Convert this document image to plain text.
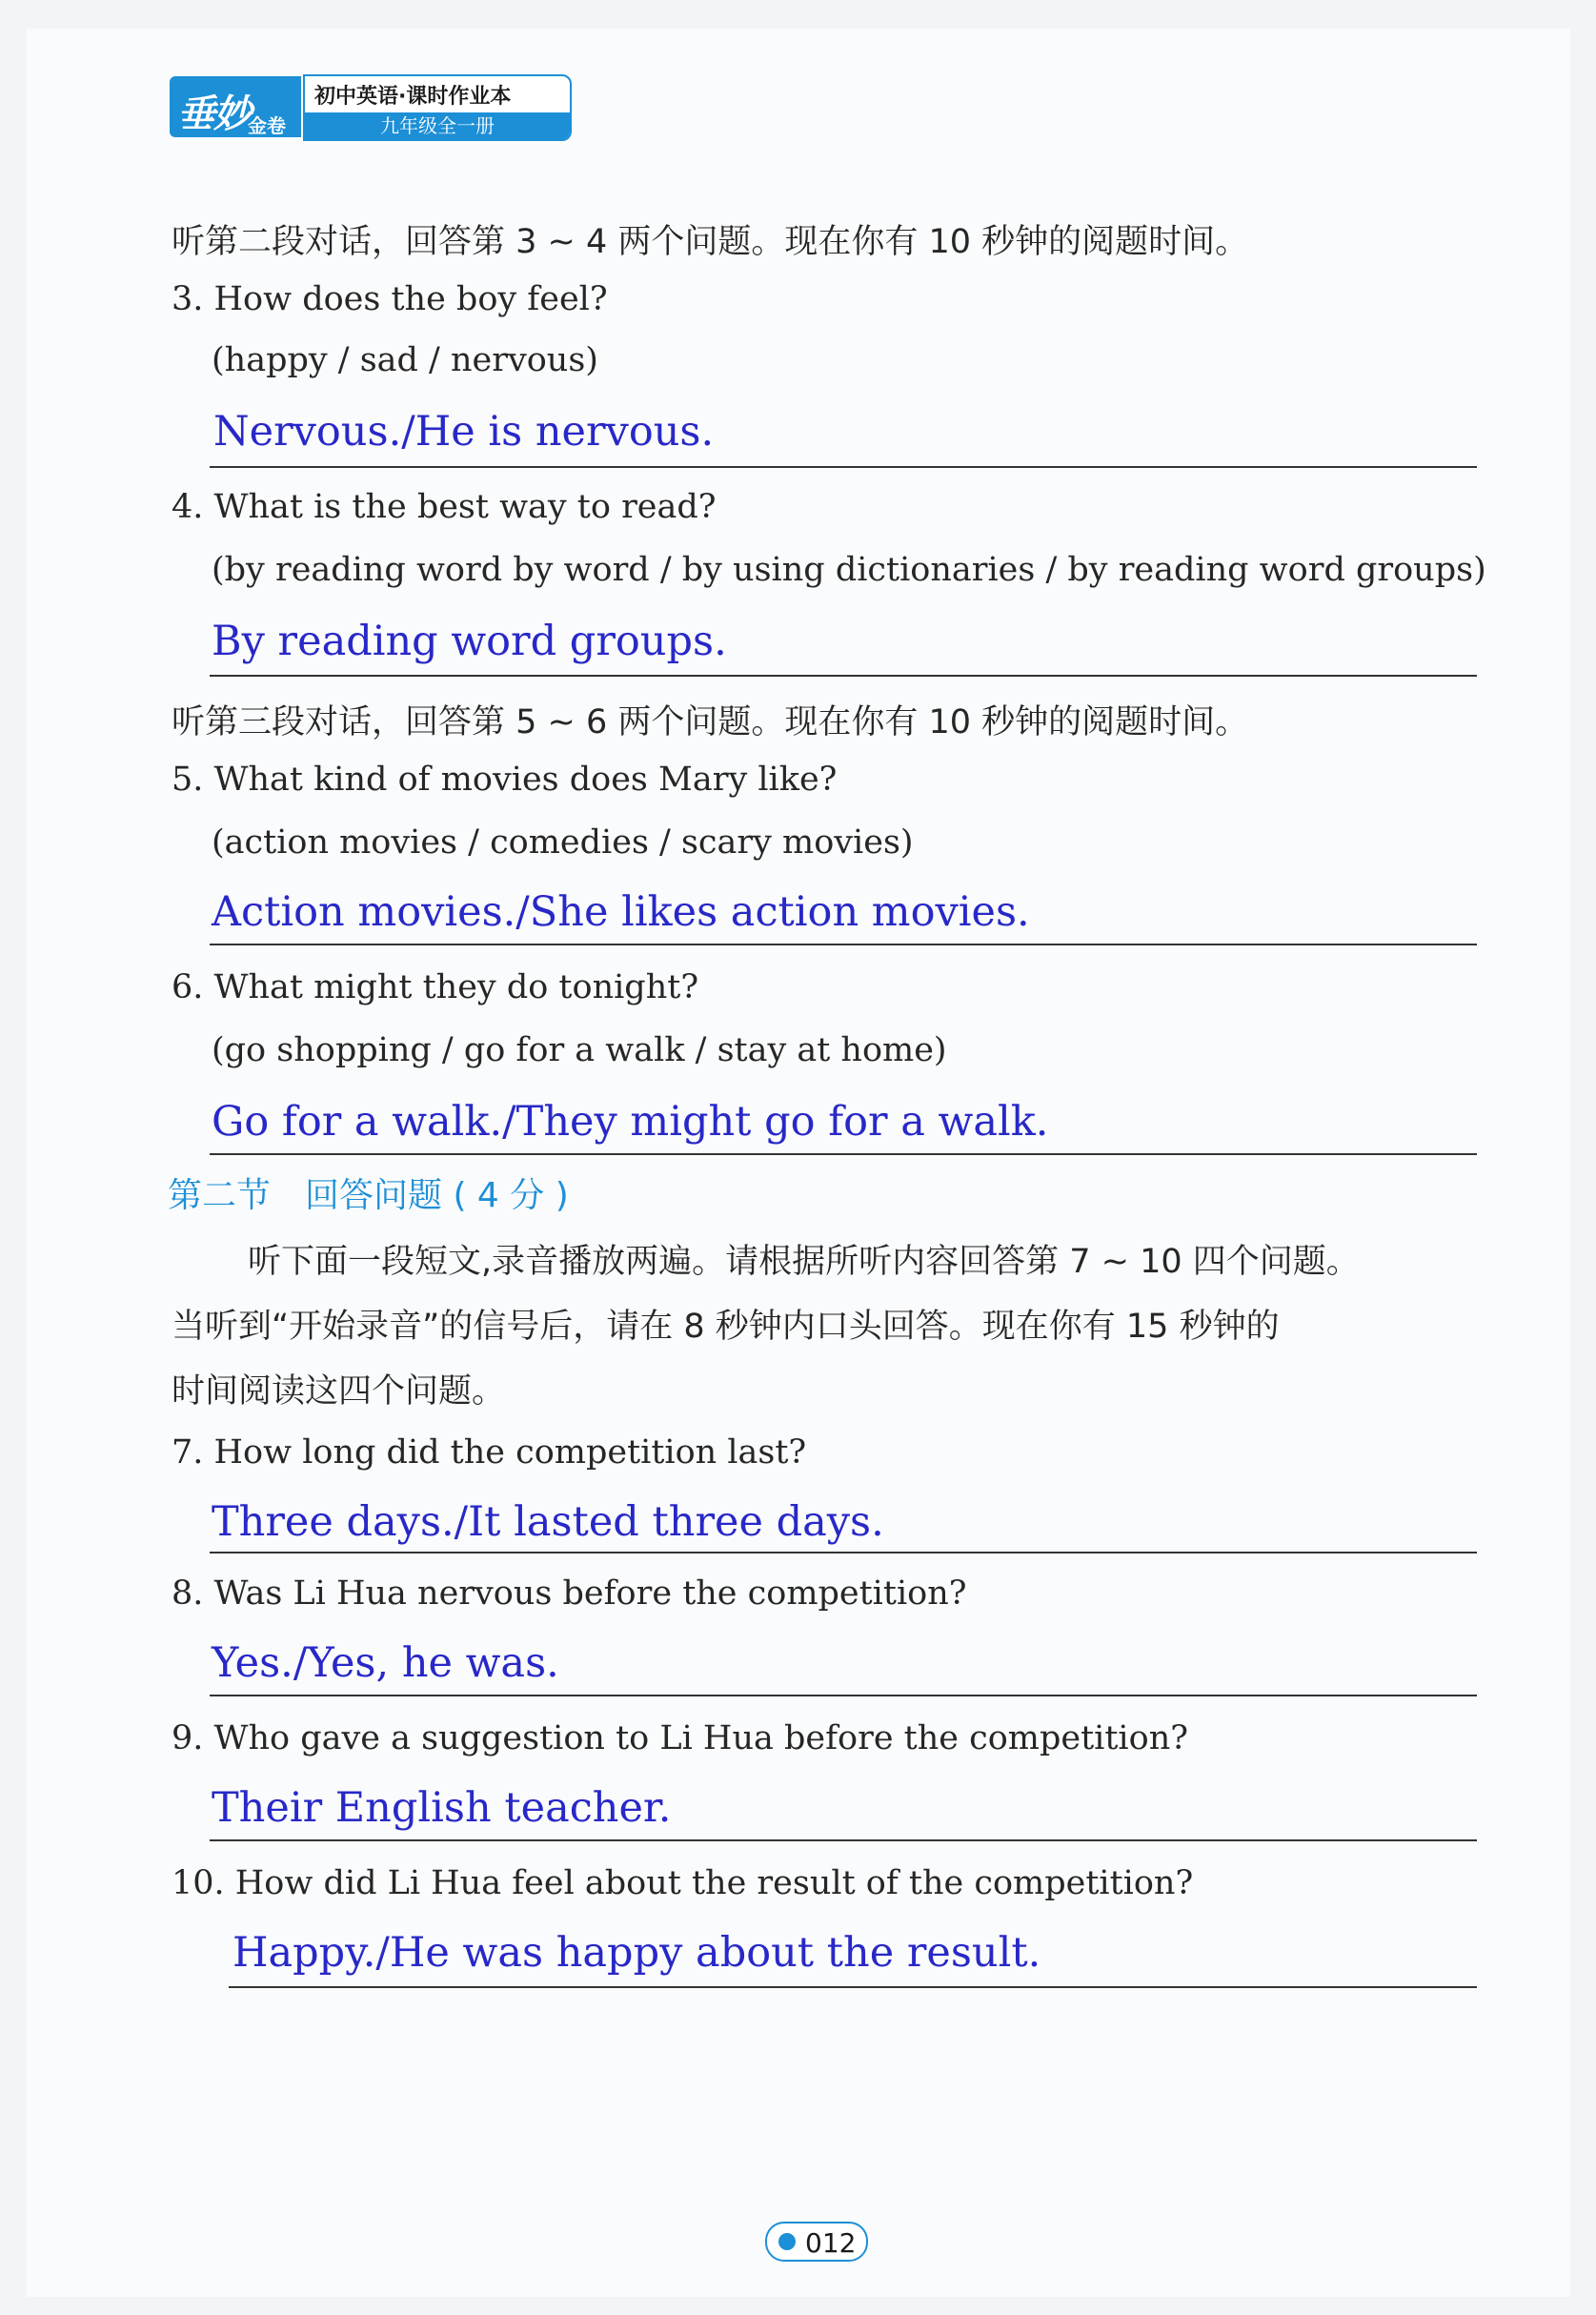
垂妙
金卷
初中英语·课时作业本
九年级全一册
听第二段对话，回答第 3 ~ 4 两个问题。现在你有 10 秒钟的阅题时间。
3. How does the boy feel?
(happy / sad / nervous)
Nervous./He is nervous.
4. What is the best way to read?
(by reading word by word / by using dictionaries / by reading word groups)
By reading word groups.
听第三段对话，回答第 5 ~ 6 两个问题。现在你有 10 秒钟的阅题时间。
5. What kind of movies does Mary like?
(action movies / comedies / scary movies)
Action movies./She likes action movies.
6. What might they do tonight?
(go shopping / go for a walk / stay at home)
Go for a walk./They might go for a walk.
第二节　回答问题 ( 4 分 )
听下面一段短文,录音播放两遍。请根据所听内容回答第 7 ~ 10 四个问题。
当听到“开始录音”的信号后，请在 8 秒钟内口头回答。现在你有 15 秒钟的
时间阅读这四个问题。
7. How long did the competition last?
Three days./It lasted three days.
8. Was Li Hua nervous before the competition?
Yes./Yes, he was.
9. Who gave a suggestion to Li Hua before the competition?
Their English teacher.
10. How did Li Hua feel about the result of the competition?
Happy./He was happy about the result.
012
